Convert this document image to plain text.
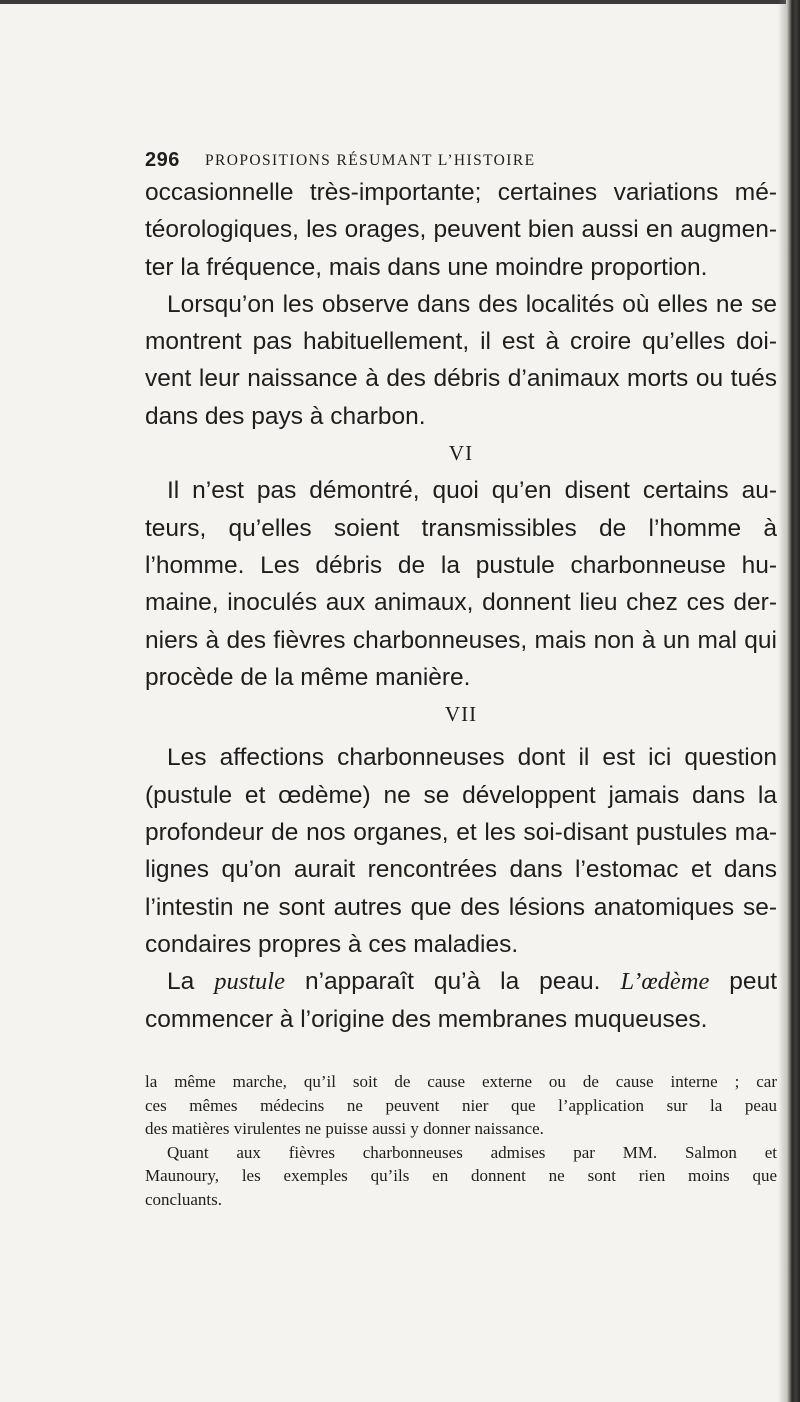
296 PROPOSITIONS RÉSUMANT L’HISTOIRE
occasionnelle très-importante; certaines variations mé-
téorologiques, les orages, peuvent bien aussi en augmen-
ter la fréquence, mais dans une moindre proportion.
Lorsqu’on les observe dans des localités où elles ne se
montrent pas habituellement, il est à croire qu’elles doi-
vent leur naissance à des débris d’animaux morts ou tués
dans des pays à charbon.
VI
Il n’est pas démontré, quoi qu’en disent certains au-
teurs, qu’elles soient transmissibles de l’homme à
l’homme. Les débris de la pustule charbonneuse hu-
maine, inoculés aux animaux, donnent lieu chez ces der-
niers à des fièvres charbonneuses, mais non à un mal qui
procède de la même manière.
VII
Les affections charbonneuses dont il est ici question
(pustule et œdème) ne se développent jamais dans la
profondeur de nos organes, et les soi-disant pustules ma-
lignes qu’on aurait rencontrées dans l’estomac et dans
l’intestin ne sont autres que des lésions anatomiques se-
condaires propres à ces maladies.
La pustule n’apparaît qu’à la peau. L’œdème peut
commencer à l’origine des membranes muqueuses.
la même marche, qu’il soit de cause externe ou de cause interne ; car
ces mêmes médecins ne peuvent nier que l’application sur la peau
des matières virulentes ne puisse aussi y donner naissance.
Quant aux fièvres charbonneuses admises par MM. Salmon et
Maunoury, les exemples qu’ils en donnent ne sont rien moins que
concluants.
